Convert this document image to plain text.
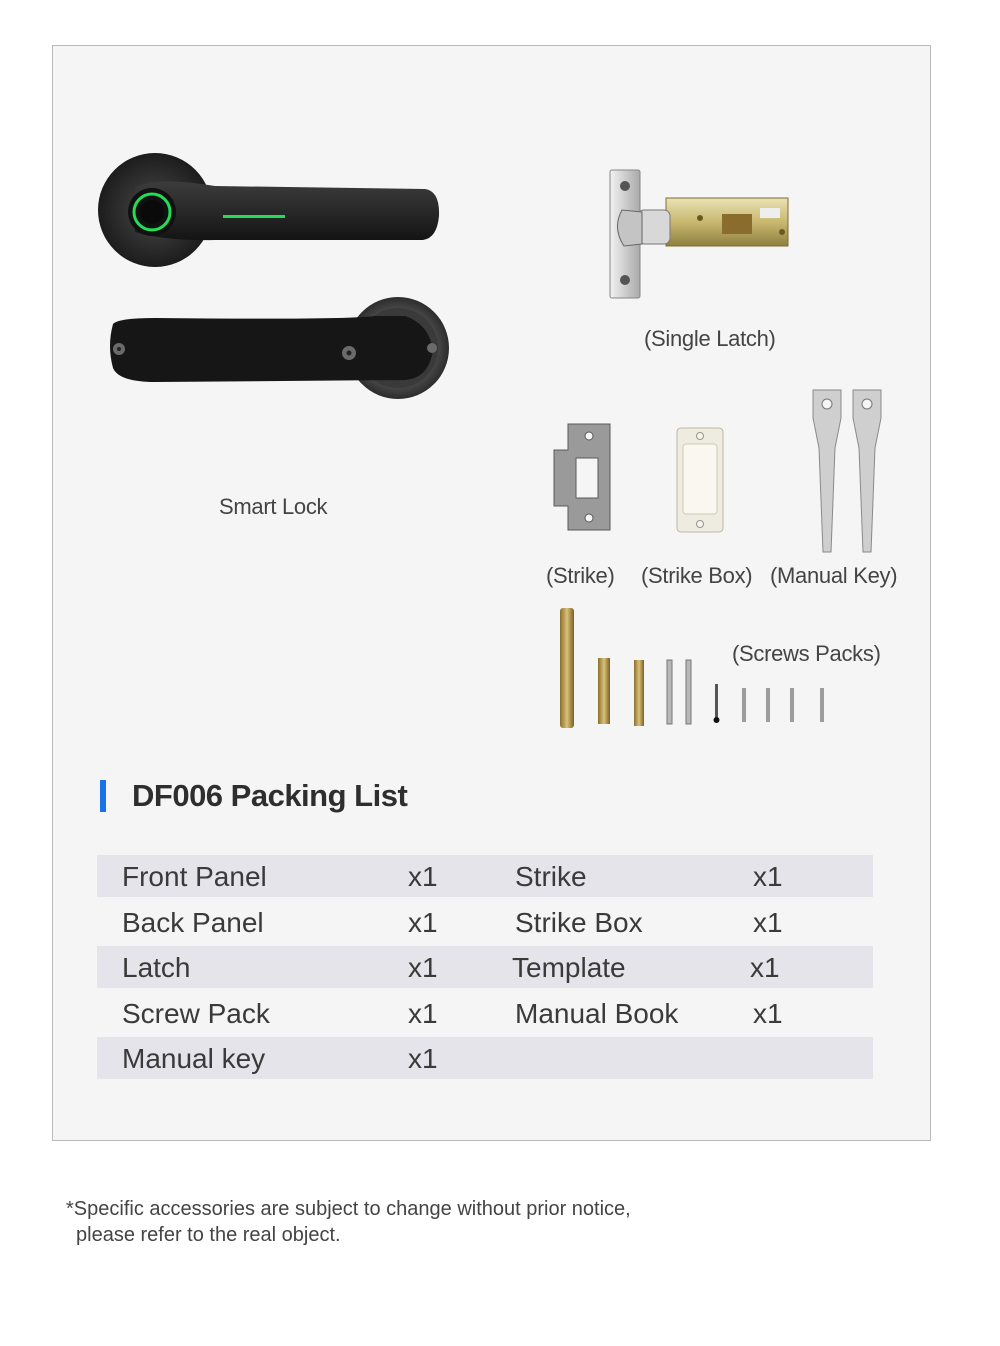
Smart Lock
(Single Latch)
(Strike) (Strike Box) (Manual Key)
(Screws Packs)
DF006 Packing List
Front Panel	x1	Strike	x1
Back Panel	x1	Strike Box	x1
Latch	x1	Template	x1
Screw Pack	x1	Manual Book	x1
Manual key	x1
*Specific accessories are subject to change without prior notice,
please refer to the real object.
